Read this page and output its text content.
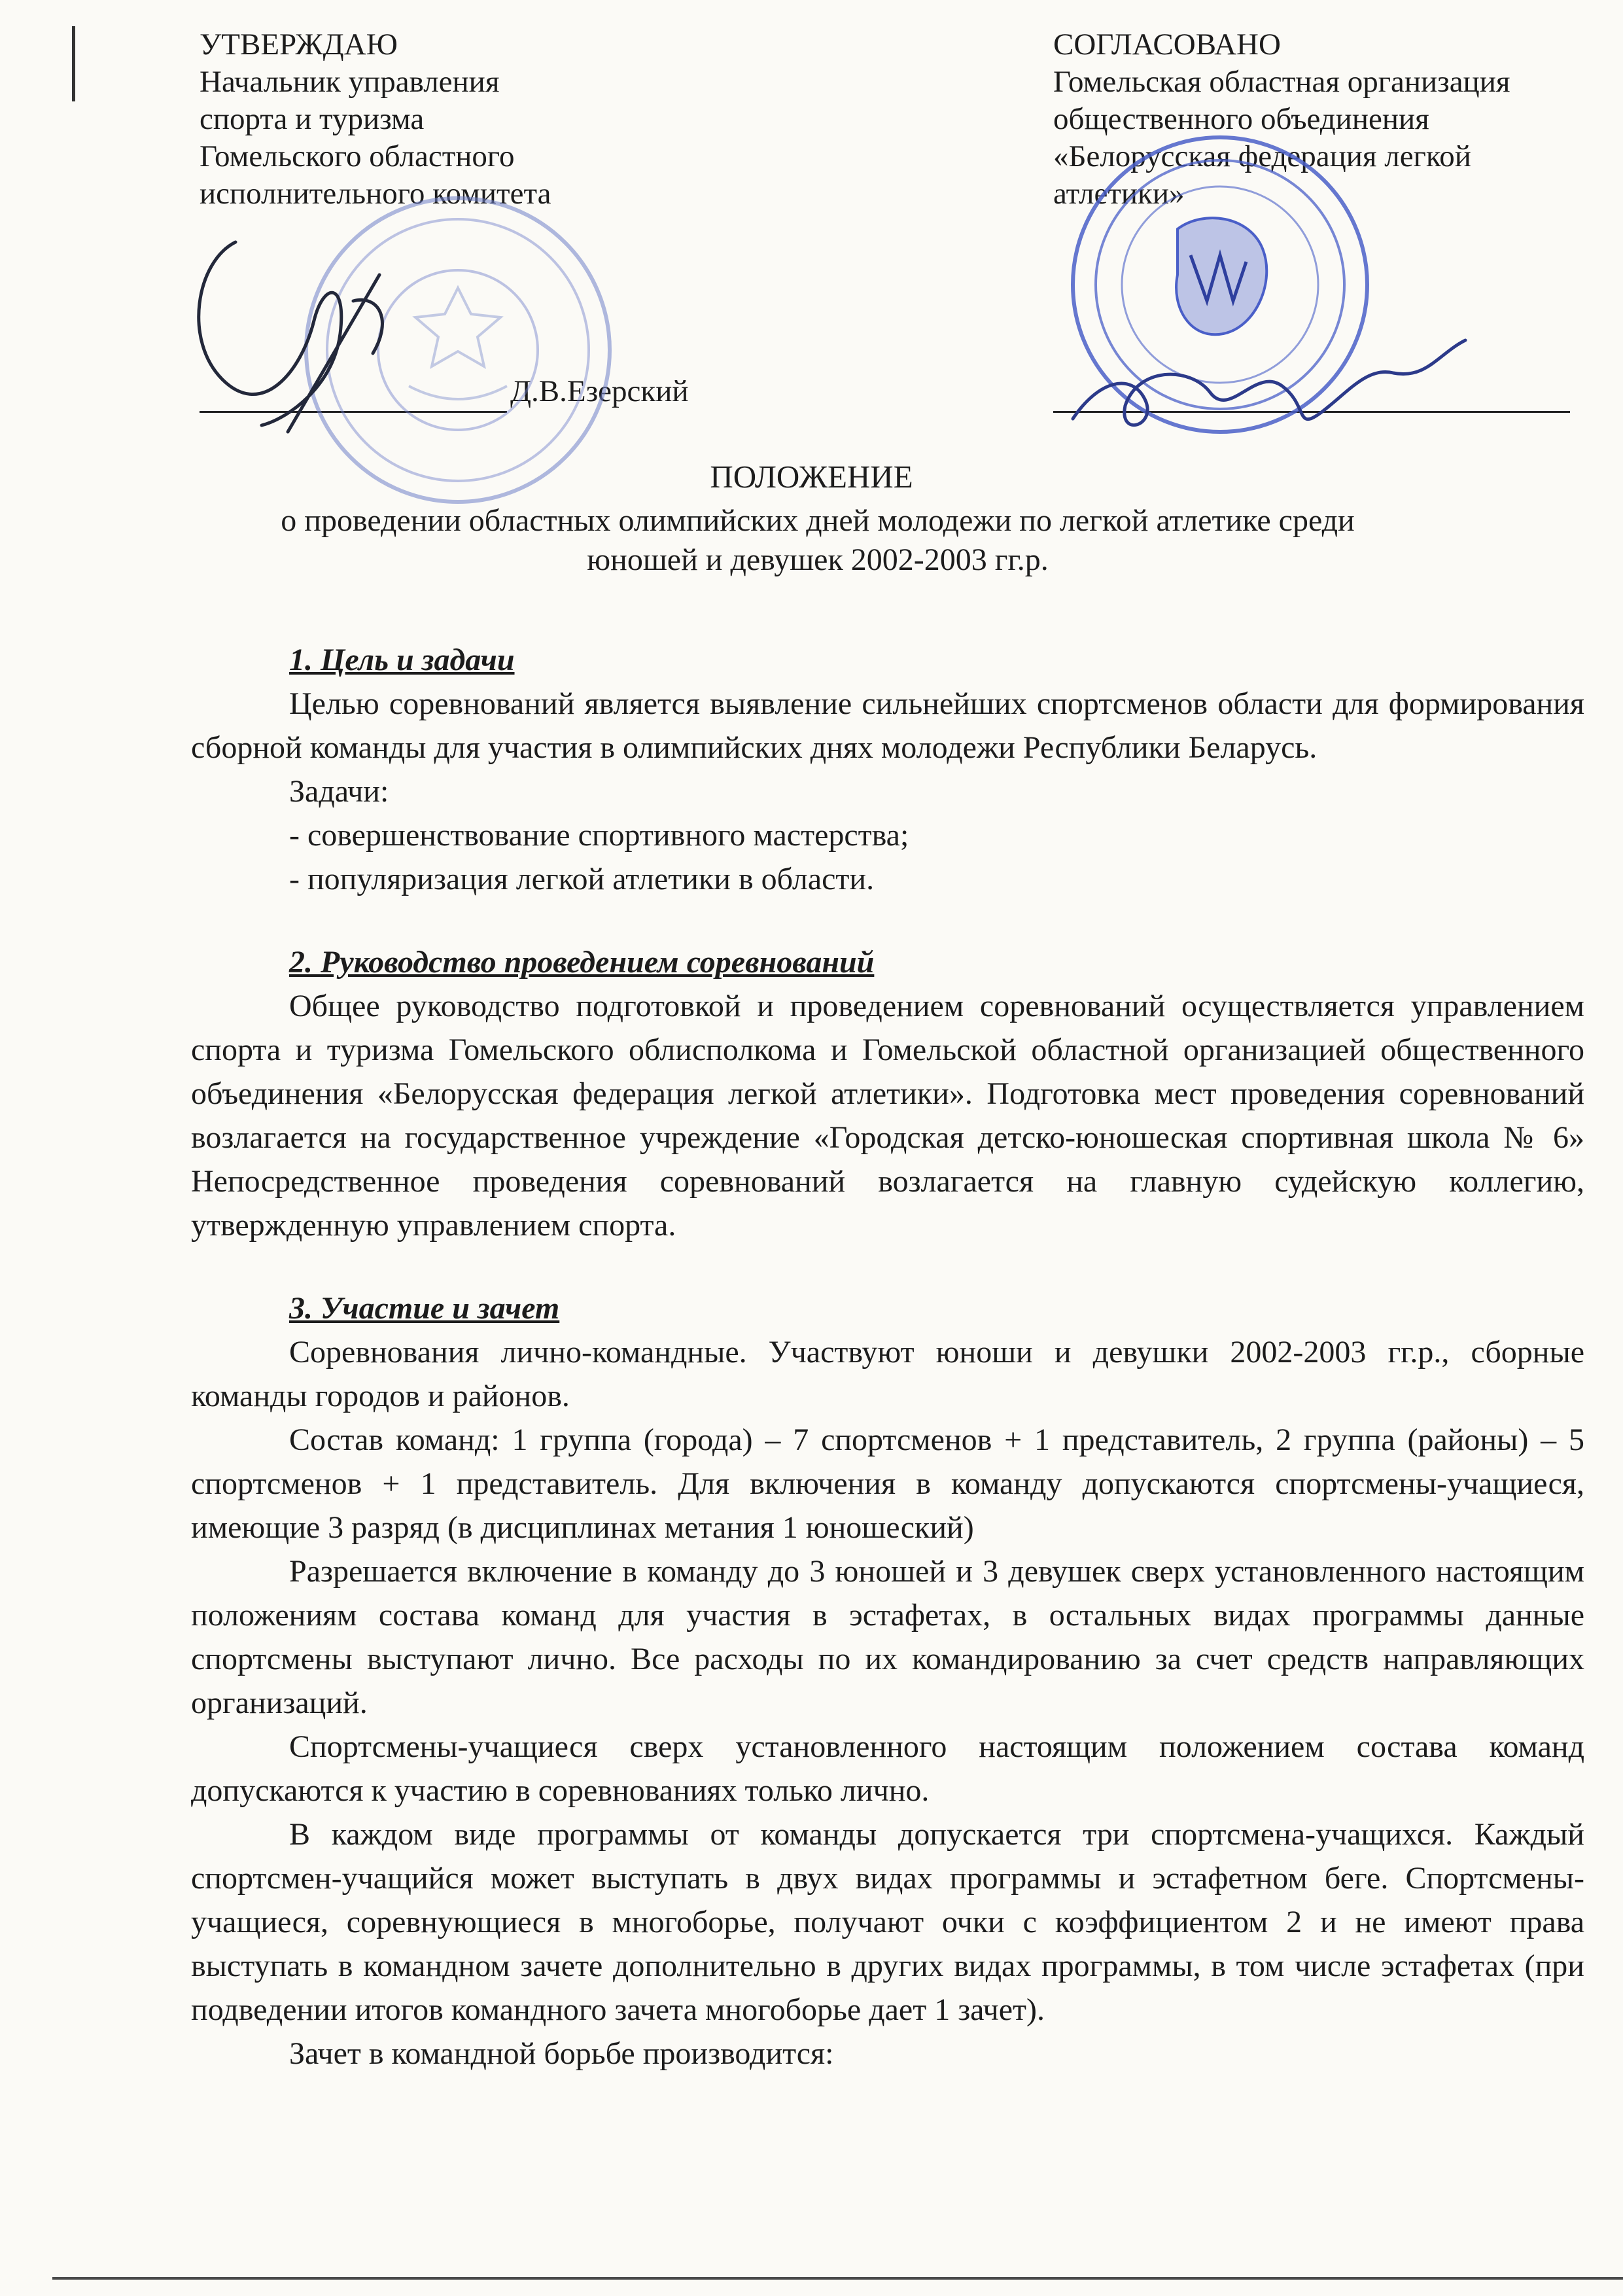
УТВЕРЖДАЮ
Начальник управления
спорта и туризма
Гомельского областного
исполнительного комитета
Д.В.Езерский
СОГЛАСОВАНО
Гомельская областная организация
общественного объединения
«Белорусская федерация легкой
атлетики»
ПОЛОЖЕНИЕ
о проведении областных олимпийских дней молодежи по легкой атлетике среди
юношей и девушек 2002-2003 гг.р.
1. Цель и задачи

Целью соревнований является выявление сильнейших спортсменов области для формирования сборной команды для участия в олимпийских днях молодежи Республики Беларусь.

Задачи:

- совершенствование спортивного мастерства;

- популяризация легкой атлетики в области.

2. Руководство проведением соревнований

Общее руководство подготовкой и проведением соревнований осуществляется управлением спорта и туризма Гомельского облисполкома и Гомельской областной организацией общественного объединения «Белорусская федерация легкой атлетики». Подготовка мест проведения соревнований возлагается на государственное учреждение «Городская детско-юношеская спортивная школа № 6» Непосредственное проведения соревнований возлагается на главную судейскую коллегию, утвержденную управлением спорта.

3. Участие и зачет

Соревнования лично-командные. Участвуют юноши и девушки 2002-2003 гг.р., сборные команды городов и районов.

Состав команд: 1 группа (города) – 7 спортсменов + 1 представитель, 2 группа (районы) – 5 спортсменов + 1 представитель. Для включения в команду допускаются спортсмены-учащиеся, имеющие 3 разряд (в дисциплинах метания 1 юношеский)

Разрешается включение в команду до 3 юношей и 3 девушек сверх установленного настоящим положениям состава команд для участия в эстафетах, в остальных видах программы данные спортсмены выступают лично. Все расходы по их командированию за счет средств направляющих организаций.

Спортсмены-учащиеся сверх установленного настоящим положением состава команд допускаются к участию в соревнованиях только лично.

В каждом виде программы от команды допускается три спортсмена-учащихся. Каждый спортсмен-учащийся может выступать в двух видах программы и эстафетном беге. Спортсмены-учащиеся, соревнующиеся в многоборье, получают очки с коэффициентом 2 и не имеют права выступать в командном зачете дополнительно в других видах программы, в том числе эстафетах (при подведении итогов командного зачета многоборье дает 1 зачет).

Зачет в командной борьбе производится:
